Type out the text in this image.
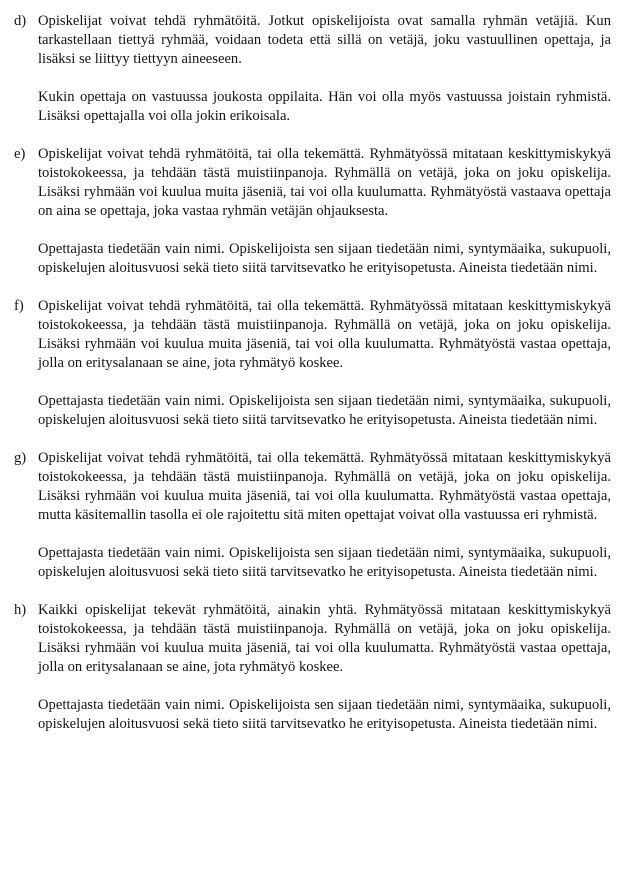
d) Opiskelijat voivat tehdä ryhmätöitä. Jotkut opiskelijoista ovat samalla ryhmän vetäjiä. Kun tarkastellaan tiettyä ryhmää, voidaan todeta että sillä on vetäjä, joku vastuullinen opettaja, ja lisäksi se liittyy tiettyyn aineeseen.

Kukin opettaja on vastuussa joukosta oppilaita. Hän voi olla myös vastuussa joistain ryhmistä. Lisäksi opettajalla voi olla jokin erikoisala.

e) Opiskelijat voivat tehdä ryhmätöitä, tai olla tekemättä. Ryhmätyössä mitataan keskittymiskykyä toistokokeessa, ja tehdään tästä muistiinpanoja. Ryhmällä on vetäjä, joka on joku opiskelija. Lisäksi ryhmään voi kuulua muita jäseniä, tai voi olla kuulumatta. Ryhmätyöstä vastaava opettaja on aina se opettaja, joka vastaa ryhmän vetäjän ohjauksesta.

Opettajasta tiedetään vain nimi. Opiskelijoista sen sijaan tiedetään nimi, syntymäaika, sukupuoli, opiskelujen aloitusvuosi sekä tieto siitä tarvitsevatko he erityisopetusta. Aineista tiedetään nimi.

f) Opiskelijat voivat tehdä ryhmätöitä, tai olla tekemättä. Ryhmätyössä mitataan keskittymiskykyä toistokokeessa, ja tehdään tästä muistiinpanoja. Ryhmällä on vetäjä, joka on joku opiskelija. Lisäksi ryhmään voi kuulua muita jäseniä, tai voi olla kuulumatta. Ryhmätyöstä vastaa opettaja, jolla on eritysalanaan se aine, jota ryhmätyö koskee.

Opettajasta tiedetään vain nimi. Opiskelijoista sen sijaan tiedetään nimi, syntymäaika, sukupuoli, opiskelujen aloitusvuosi sekä tieto siitä tarvitsevatko he erityisopetusta. Aineista tiedetään nimi.

g) Opiskelijat voivat tehdä ryhmätöitä, tai olla tekemättä. Ryhmätyössä mitataan keskittymiskykyä toistokokeessa, ja tehdään tästä muistiinpanoja. Ryhmällä on vetäjä, joka on joku opiskelija. Lisäksi ryhmään voi kuulua muita jäseniä, tai voi olla kuulumatta. Ryhmätyöstä vastaa opettaja, mutta käsitemallin tasolla ei ole rajoitettu sitä miten opettajat voivat olla vastuussa eri ryhmistä.

Opettajasta tiedetään vain nimi. Opiskelijoista sen sijaan tiedetään nimi, syntymäaika, sukupuoli, opiskelujen aloitusvuosi sekä tieto siitä tarvitsevatko he erityisopetusta. Aineista tiedetään nimi.

h) Kaikki opiskelijat tekevät ryhmätöitä, ainakin yhtä. Ryhmätyössä mitataan keskittymiskykyä toistokokeessa, ja tehdään tästä muistiinpanoja. Ryhmällä on vetäjä, joka on joku opiskelija. Lisäksi ryhmään voi kuulua muita jäseniä, tai voi olla kuulumatta. Ryhmätyöstä vastaa opettaja, jolla on eritysalanaan se aine, jota ryhmätyö koskee.

Opettajasta tiedetään vain nimi. Opiskelijoista sen sijaan tiedetään nimi, syntymäaika, sukupuoli, opiskelujen aloitusvuosi sekä tieto siitä tarvitsevatko he erityisopetusta. Aineista tiedetään nimi.
